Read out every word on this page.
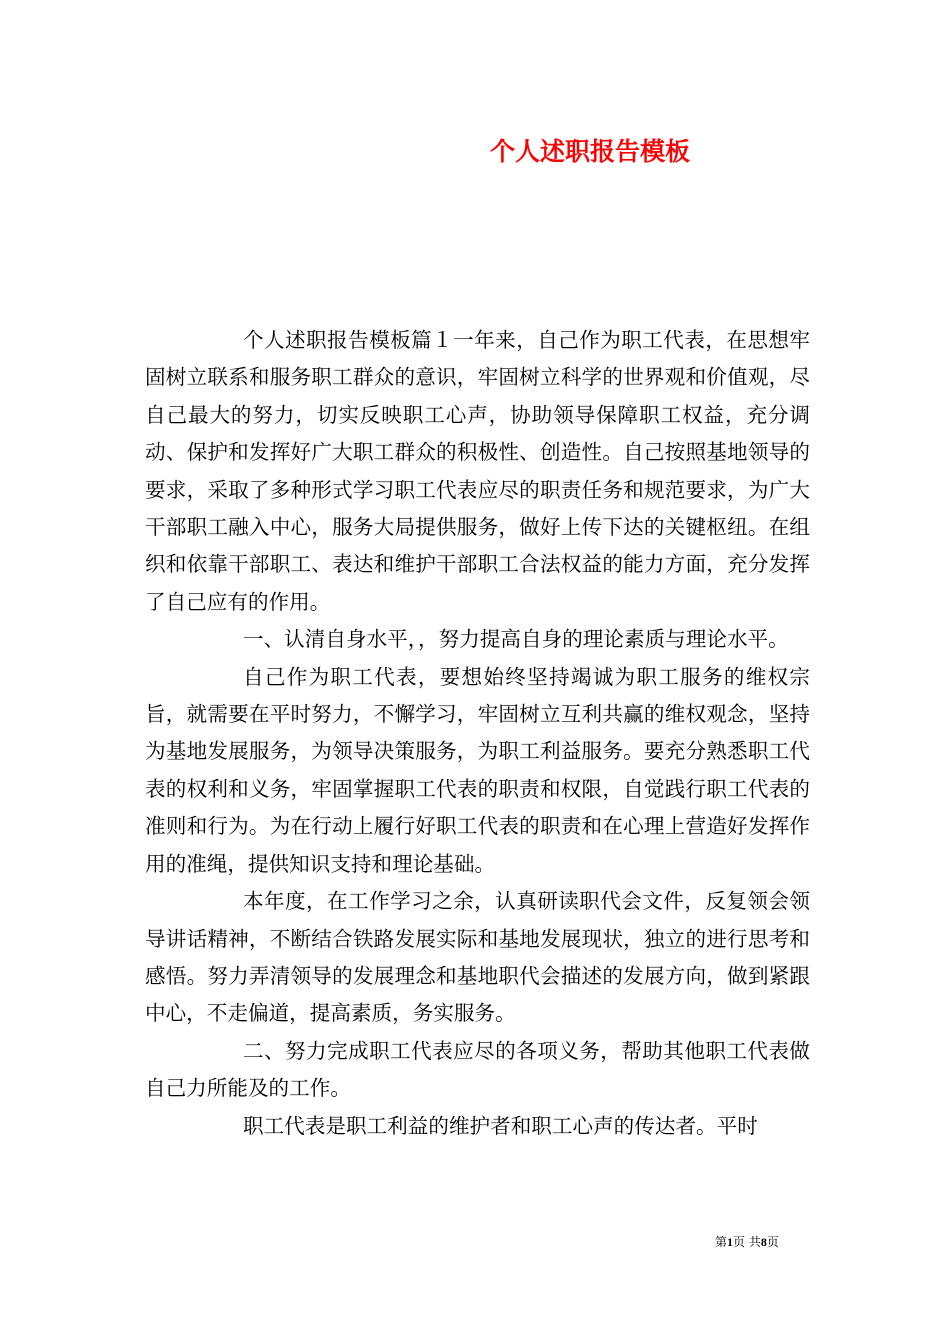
个人述职报告模板

个人述职报告模板篇１一年来，自己作为职工代表，在思想牢固树立联系和服务职工群众的意识，牢固树立科学的世界观和价值观，尽自己最大的努力，切实反映职工心声，协助领导保障职工权益，充分调动、保护和发挥好广大职工群众的积极性、创造性。自己按照基地领导的要求，采取了多种形式学习职工代表应尽的职责任务和规范要求，为广大干部职工融入中心，服务大局提供服务，做好上传下达的关键枢纽。在组织和依靠干部职工、表达和维护干部职工合法权益的能力方面，充分发挥了自己应有的作用。

一、认清自身水平，，努力提高自身的理论素质与理论水平。

自己作为职工代表，要想始终坚持竭诚为职工服务的维权宗旨，就需要在平时努力，不懈学习，牢固树立互利共赢的维权观念，坚持为基地发展服务，为领导决策服务，为职工利益服务。要充分熟悉职工代表的权利和义务，牢固掌握职工代表的职责和权限，自觉践行职工代表的准则和行为。为在行动上履行好职工代表的职责和在心理上营造好发挥作用的准绳，提供知识支持和理论基础。

本年度，在工作学习之余，认真研读职代会文件，反复领会领导讲话精神，不断结合铁路发展实际和基地发展现状，独立的进行思考和感悟。努力弄清领导的发展理念和基地职代会描述的发展方向，做到紧跟中心，不走偏道，提高素质，务实服务。

二、努力完成职工代表应尽的各项义务，帮助其他职工代表做自己力所能及的工作。

职工代表是职工利益的维护者和职工心声的传达者。平时

第1页 共8页
